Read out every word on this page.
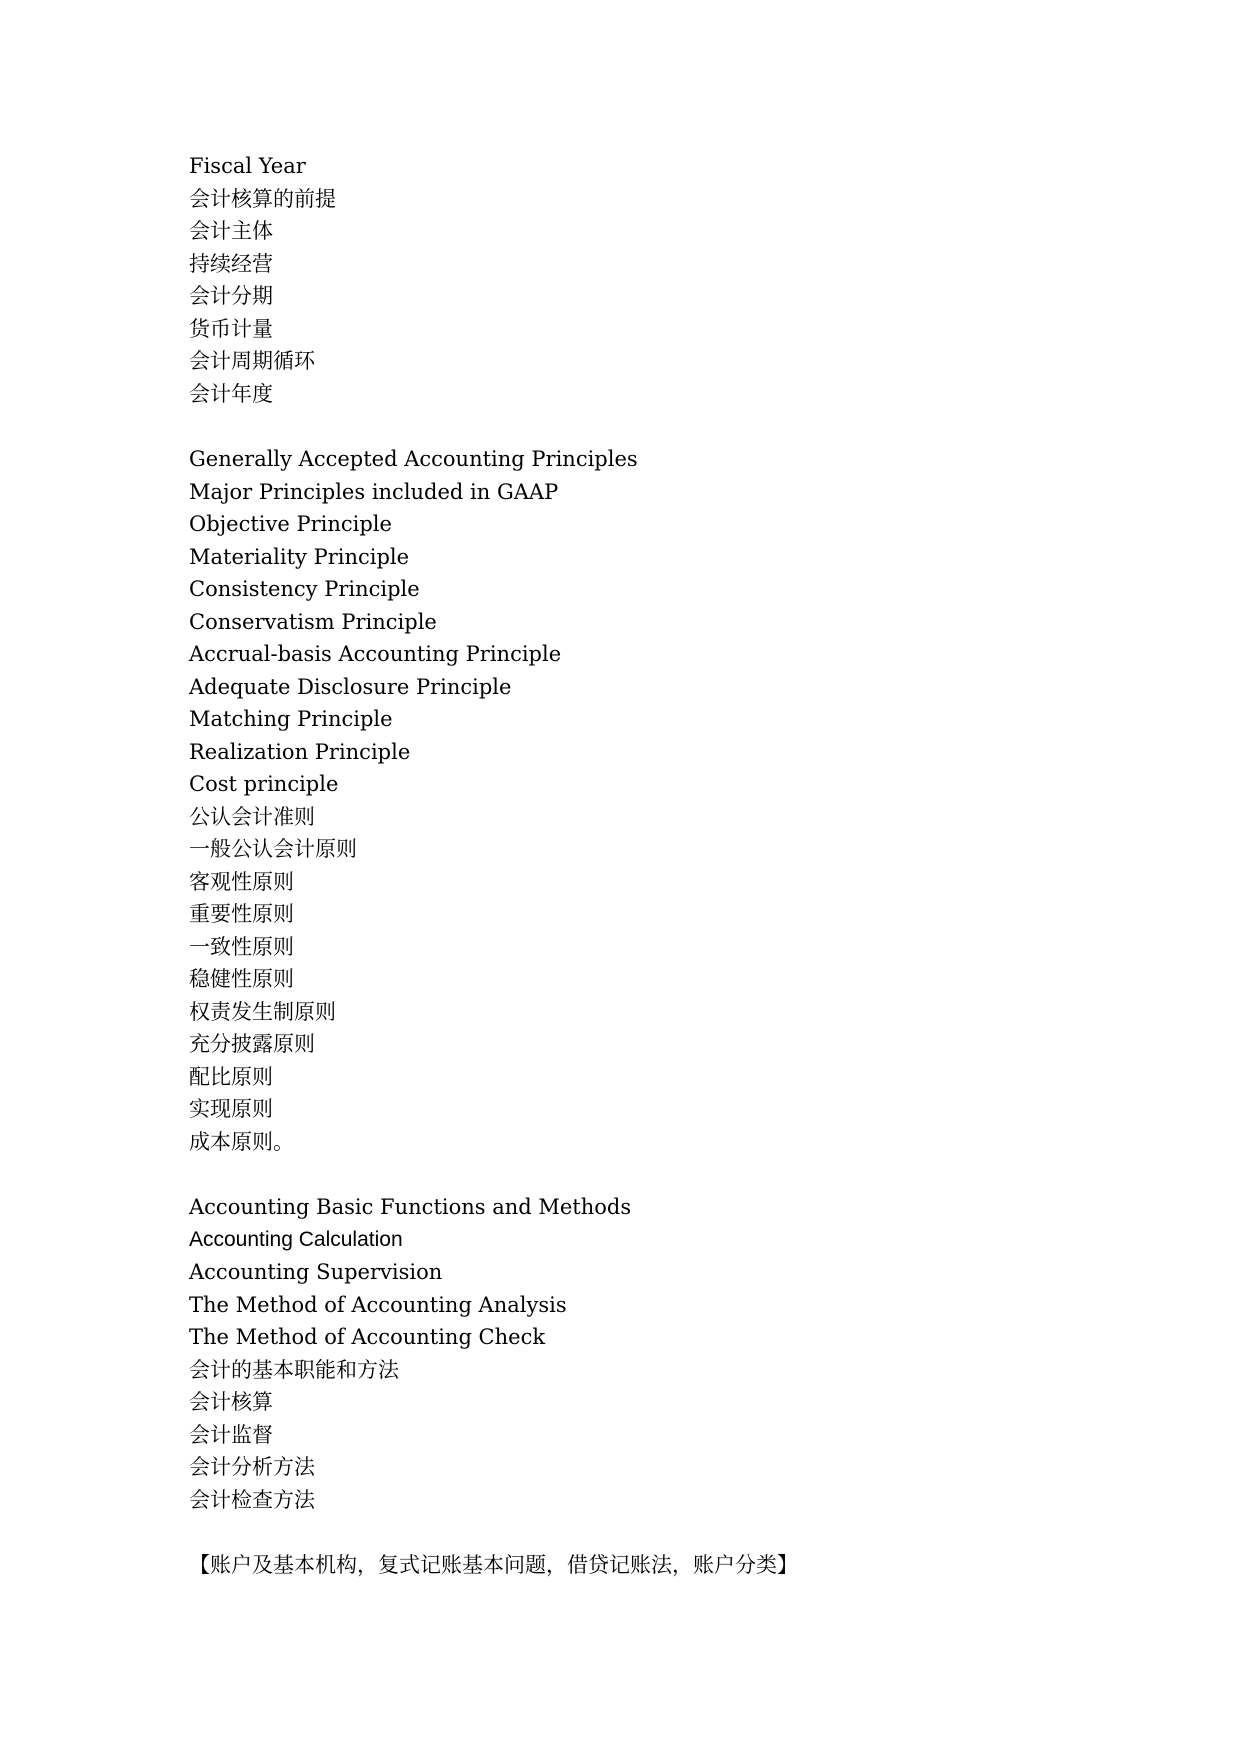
Fiscal Year
会计核算的前提
会计主体
持续经营
会计分期
货币计量
会计周期循环
会计年度
Generally Accepted Accounting Principles
Major Principles included in GAAP
Objective Principle
Materiality Principle
Consistency Principle
Conservatism Principle
Accrual-basis Accounting Principle
Adequate Disclosure Principle
Matching Principle
Realization Principle
Cost principle
公认会计准则
一般公认会计原则
客观性原则
重要性原则
一致性原则
稳健性原则
权责发生制原则
充分披露原则
配比原则
实现原则
成本原则。
Accounting Basic Functions and Methods
Accounting Calculation
Accounting Supervision
The Method of Accounting Analysis
The Method of Accounting Check
会计的基本职能和方法
会计核算
会计监督
会计分析方法
会计检查方法
【账户及基本机构，复式记账基本问题，借贷记账法，账户分类】
